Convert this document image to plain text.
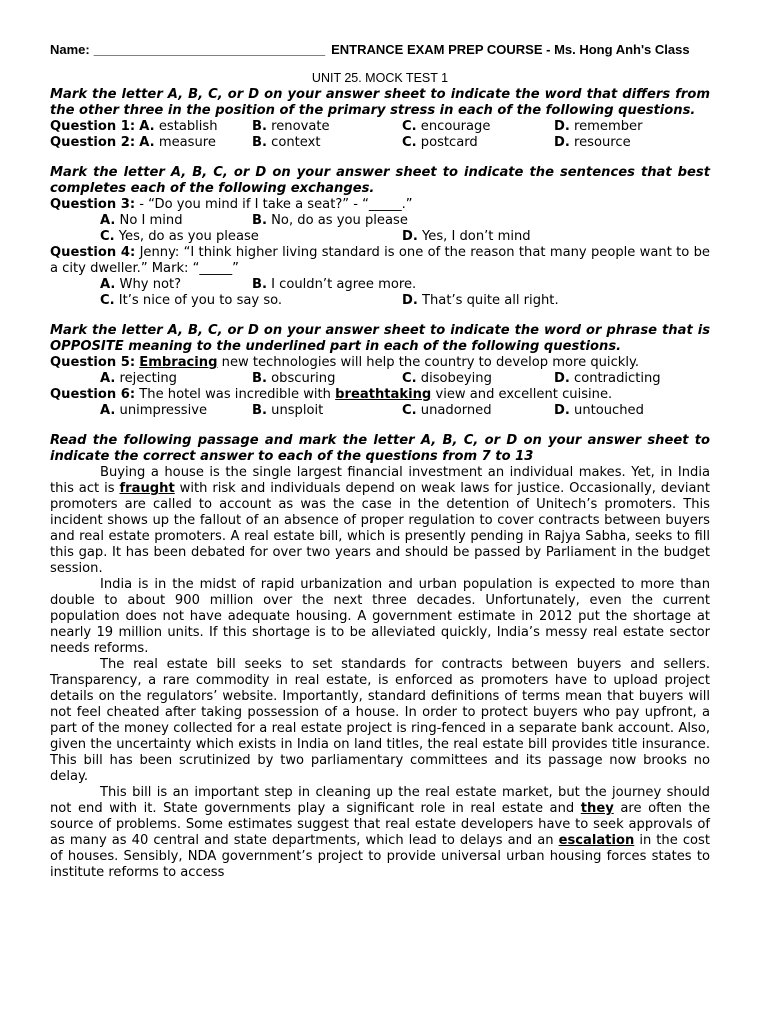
Name: ________________________________ ENTRANCE EXAM PREP COURSE - Ms. Hong Anh's Class
UNIT 25. MOCK TEST 1
Mark the letter A, B, C, or D on your answer sheet to indicate the word that differs from the other three in the position of the primary stress in each of the following questions.
Question 1: A. establish	B. renovate	C. encourage	D. remember
Question 2: A. measure	B. context	C. postcard	D. resource
Mark the letter A, B, C, or D on your answer sheet to indicate the sentences that best completes each of the following exchanges.
Question 3: - “Do you mind if I take a seat?” - “_____.”
A. No I mind	B. No, do as you please
C. Yes, do as you please	D. Yes, I don’t mind
Question 4: Jenny: “I think higher living standard is one of the reason that many people want to be a city dweller.” Mark: “_____”
A. Why not?	B. I couldn’t agree more.
C. It’s nice of you to say so.	D. That’s quite all right.
Mark the letter A, B, C, or D on your answer sheet to indicate the word or phrase that is OPPOSITE meaning to the underlined part in each of the following questions.
Question 5: Embracing new technologies will help the country to develop more quickly.
A. rejecting	B. obscuring	C. disobeying	D. contradicting
Question 6: The hotel was incredible with breathtaking view and excellent cuisine.
A. unimpressive	B. unsploit	C. unadorned	D. untouched
Read the following passage and mark the letter A, B, C, or D on your answer sheet to indicate the correct answer to each of the questions from 7 to 13

Buying a house is the single largest financial investment an individual makes. Yet, in India this act is fraught with risk and individuals depend on weak laws for justice. Occasionally, deviant promoters are called to account as was the case in the detention of Unitech’s promoters. This incident shows up the fallout of an absence of proper regulation to cover contracts between buyers and real estate promoters. A real estate bill, which is presently pending in Rajya Sabha, seeks to fill this gap. It has been debated for over two years and should be passed by Parliament in the budget session.

India is in the midst of rapid urbanization and urban population is expected to more than double to about 900 million over the next three decades. Unfortunately, even the current population does not have adequate housing. A government estimate in 2012 put the shortage at nearly 19 million units. If this shortage is to be alleviated quickly, India’s messy real estate sector needs reforms.

The real estate bill seeks to set standards for contracts between buyers and sellers. Transparency, a rare commodity in real estate, is enforced as promoters have to upload project details on the regulators’ website. Importantly, standard definitions of terms mean that buyers will not feel cheated after taking possession of a house. In order to protect buyers who pay upfront, a part of the money collected for a real estate project is ring-fenced in a separate bank account. Also, given the uncertainty which exists in India on land titles, the real estate bill provides title insurance. This bill has been scrutinized by two parliamentary committees and its passage now brooks no delay.

This bill is an important step in cleaning up the real estate market, but the journey should not end with it. State governments play a significant role in real estate and they are often the source of problems. Some estimates suggest that real estate developers have to seek approvals of as many as 40 central and state departments, which lead to delays and an escalation in the cost of houses. Sensibly, NDA government’s project to provide universal urban housing forces states to institute reforms to access
